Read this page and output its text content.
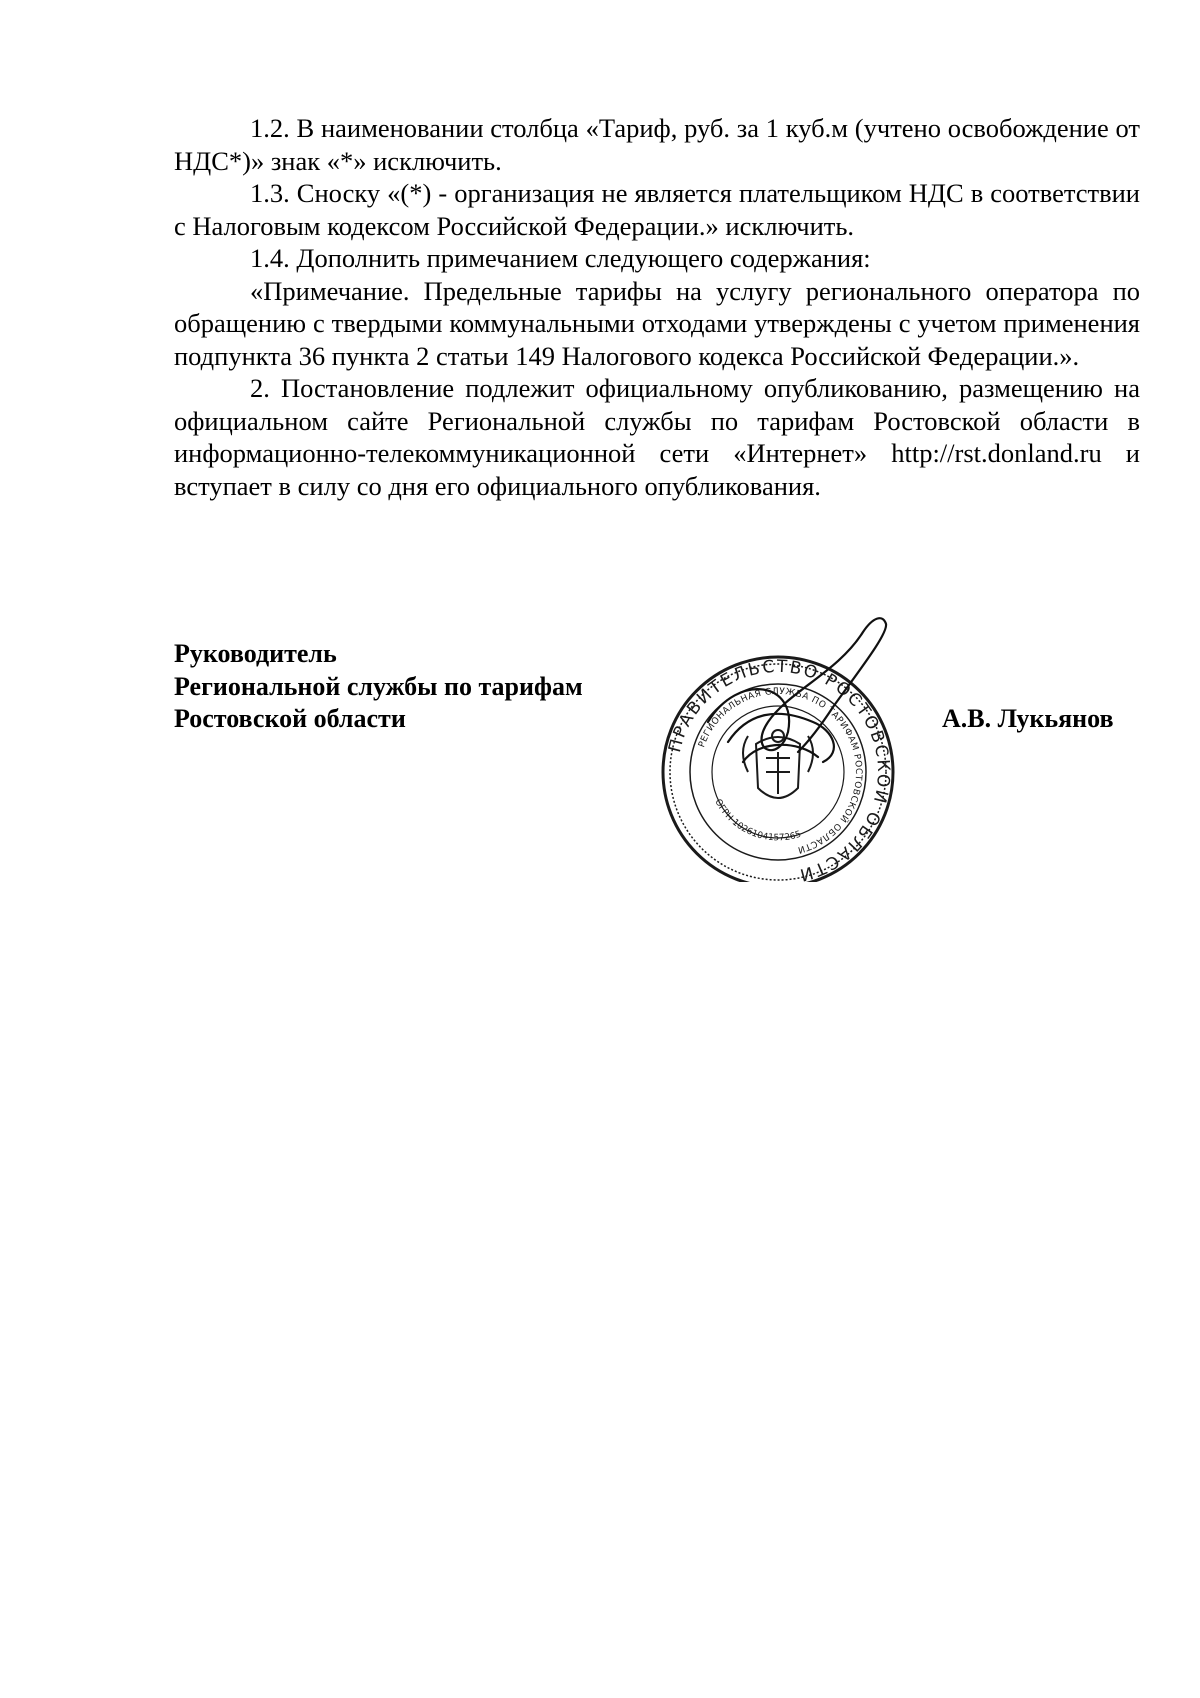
1.2. В наименовании столбца «Тариф, руб. за 1 куб.м (учтено освобождение от НДС*)» знак «*» исключить.

1.3. Сноску «(*) - организация не является плательщиком НДС в соответствии с Налоговым кодексом Российской Федерации.» исключить.

1.4. Дополнить примечанием следующего содержания:

«Примечание. Предельные тарифы на услугу регионального оператора по обращению с твердыми коммунальными отходами утверждены с учетом применения подпункта 36 пункта 2 статьи 149 Налогового кодекса Российской Федерации.».

2. Постановление подлежит официальному опубликованию, размещению на официальном сайте Региональной службы по тарифам Ростовской области в информационно-телекоммуникационной сети «Интернет» http://rst.donland.ru и вступает в силу со дня его официального опубликования.

Руководитель
Региональной службы по тарифам
Ростовской области
ПРАВИТЕЛЬСТВО РОСТОВСКОЙ ОБЛАСТИ
РЕГИОНАЛЬНАЯ СЛУЖБА ПО ТАРИФАМ РОСТОВСКОЙ ОБЛАСТИ
ОГРН 1026104157265
А.В. Лукьянов
